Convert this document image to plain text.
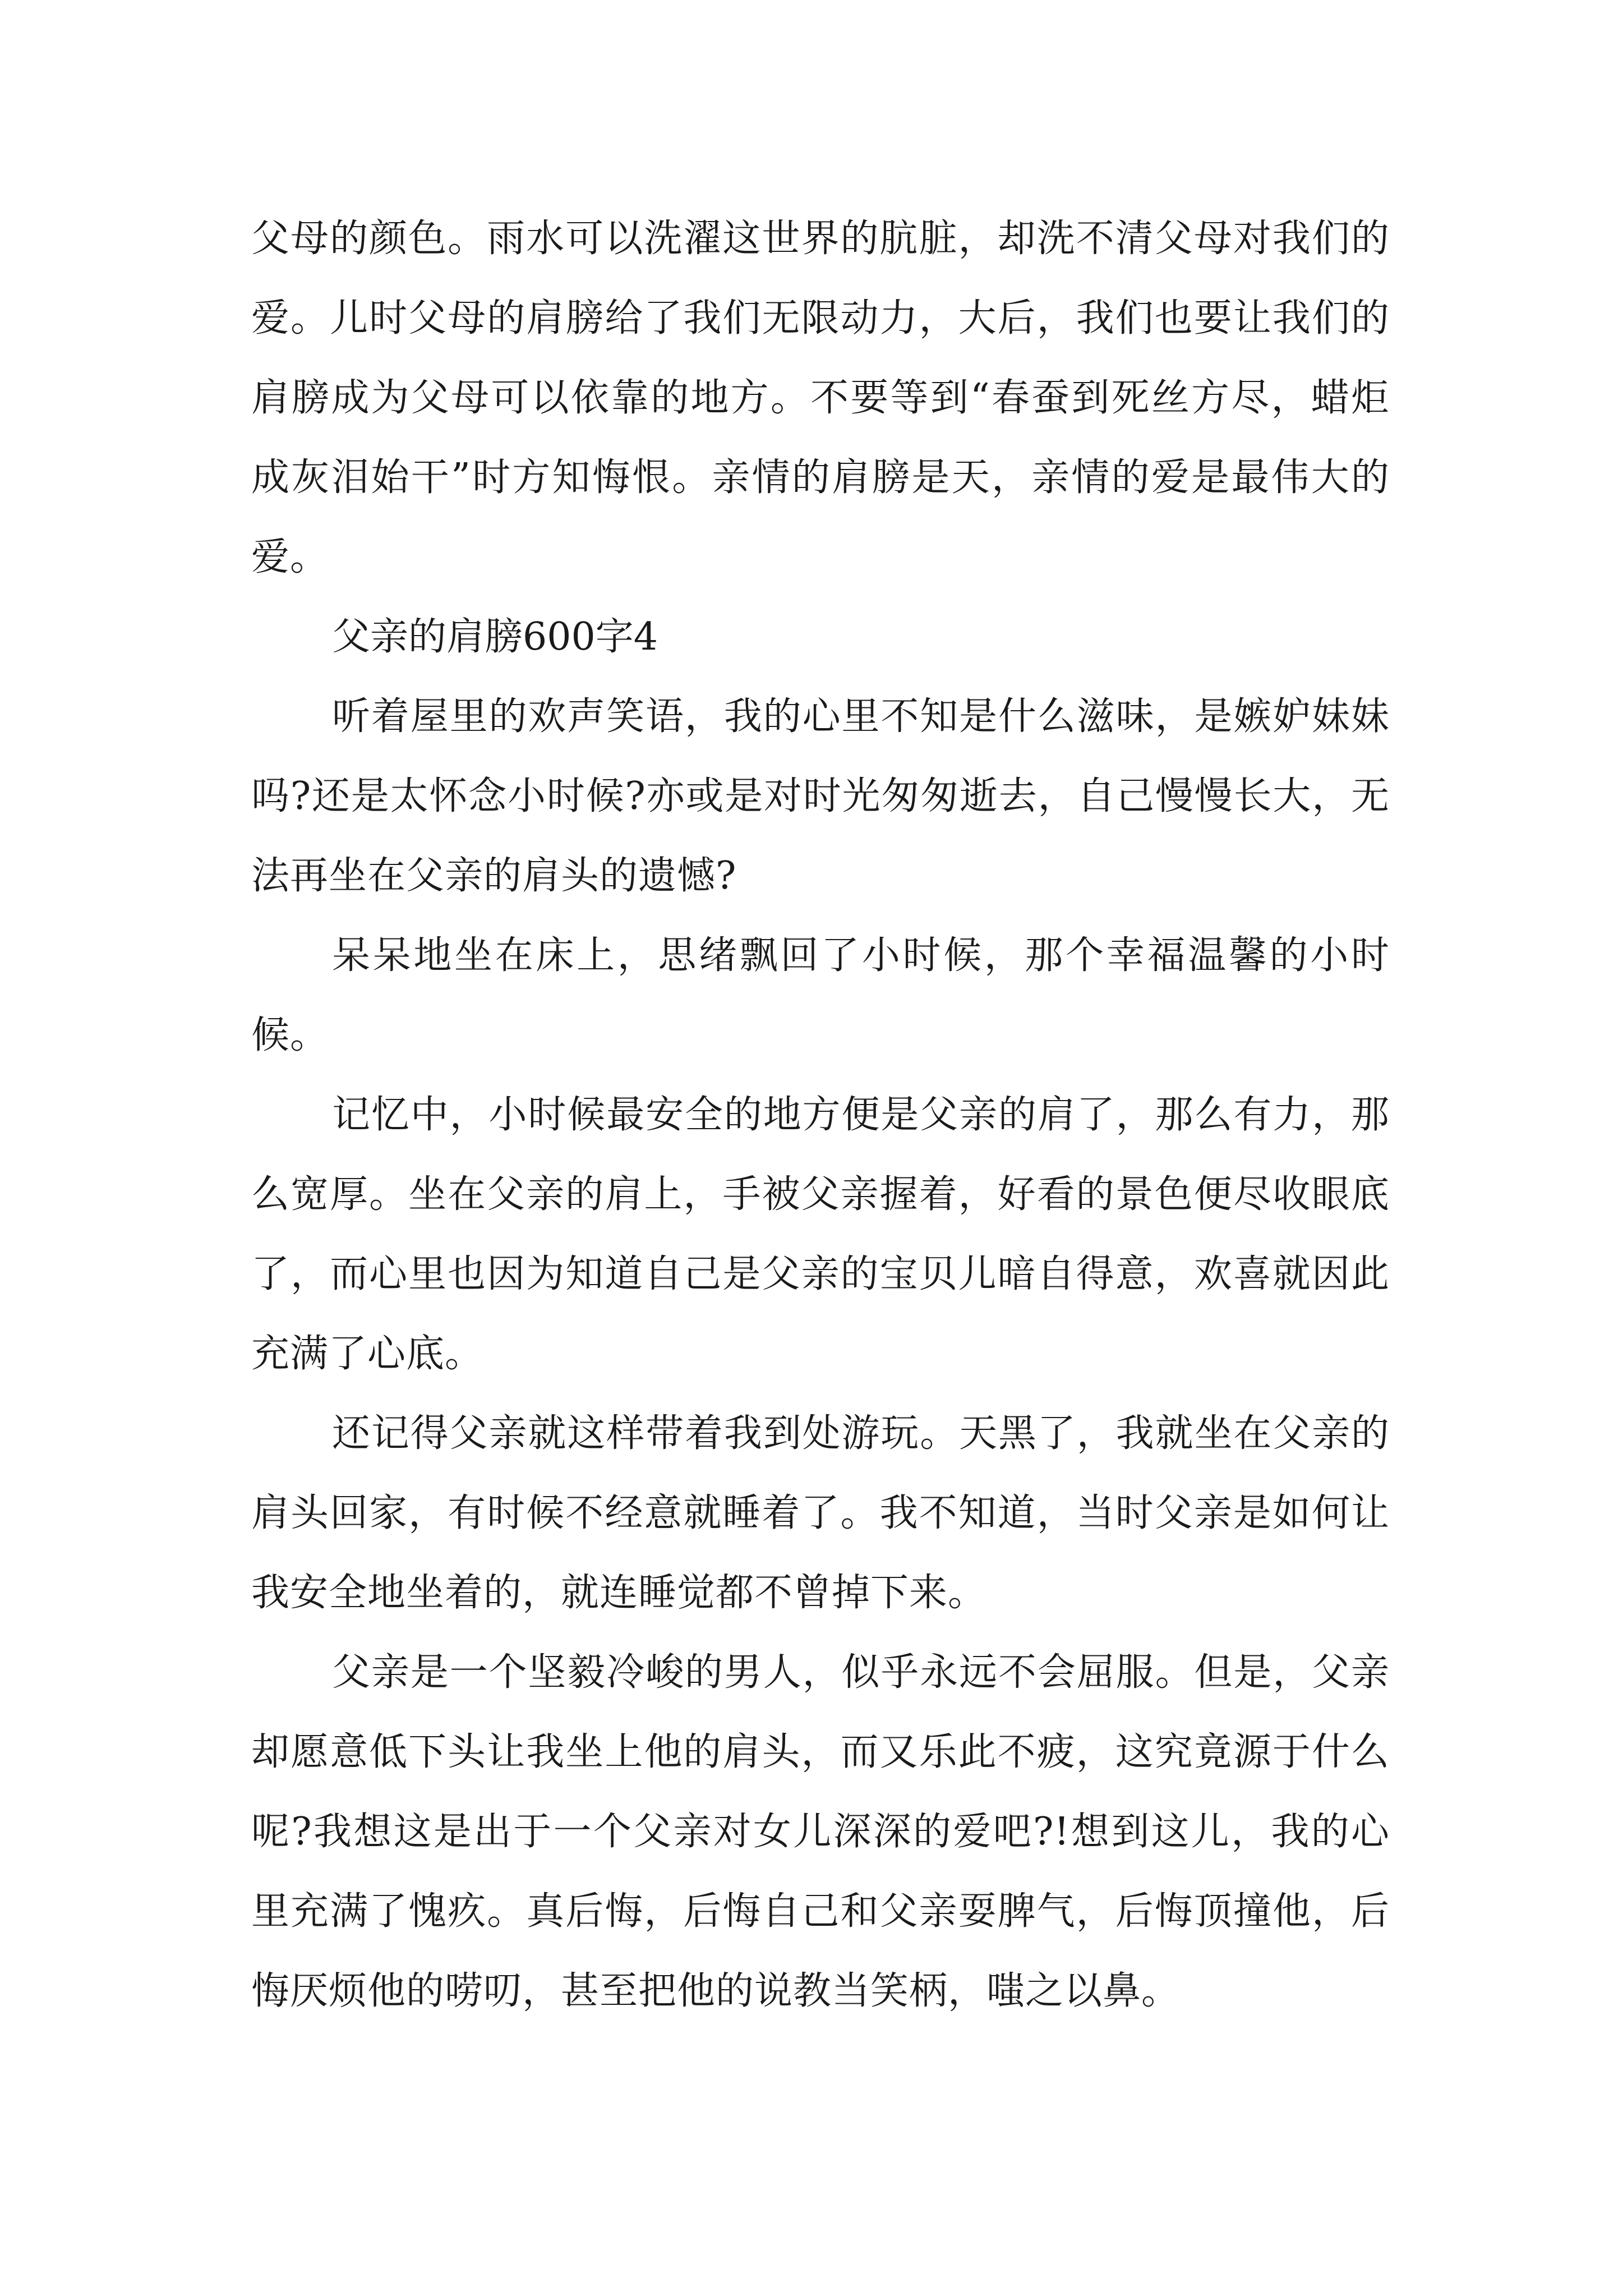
父母的颜色。雨水可以洗濯这世界的肮脏，却洗不清父母对我们的爱。儿时父母的肩膀给了我们无限动力，大后，我们也要让我们的肩膀成为父母可以依靠的地方。不要等到“春蚕到死丝方尽，蜡炬成灰泪始干”时方知悔恨。亲情的肩膀是天，亲情的爱是最伟大的爱。

父亲的肩膀600字4

听着屋里的欢声笑语，我的心里不知是什么滋味，是嫉妒妹妹吗?还是太怀念小时候?亦或是对时光匆匆逝去，自己慢慢长大，无法再坐在父亲的肩头的遗憾?

呆呆地坐在床上，思绪飘回了小时候，那个幸福温馨的小时候。

记忆中，小时候最安全的地方便是父亲的肩了，那么有力，那么宽厚。坐在父亲的肩上，手被父亲握着，好看的景色便尽收眼底了，而心里也因为知道自己是父亲的宝贝儿暗自得意，欢喜就因此充满了心底。

还记得父亲就这样带着我到处游玩。天黑了，我就坐在父亲的肩头回家，有时候不经意就睡着了。我不知道，当时父亲是如何让我安全地坐着的，就连睡觉都不曾掉下来。

父亲是一个坚毅冷峻的男人，似乎永远不会屈服。但是，父亲却愿意低下头让我坐上他的肩头，而又乐此不疲，这究竟源于什么呢?我想这是出于一个父亲对女儿深深的爱吧?!想到这儿，我的心里充满了愧疚。真后悔，后悔自己和父亲耍脾气，后悔顶撞他，后悔厌烦他的唠叨，甚至把他的说教当笑柄，嗤之以鼻。
